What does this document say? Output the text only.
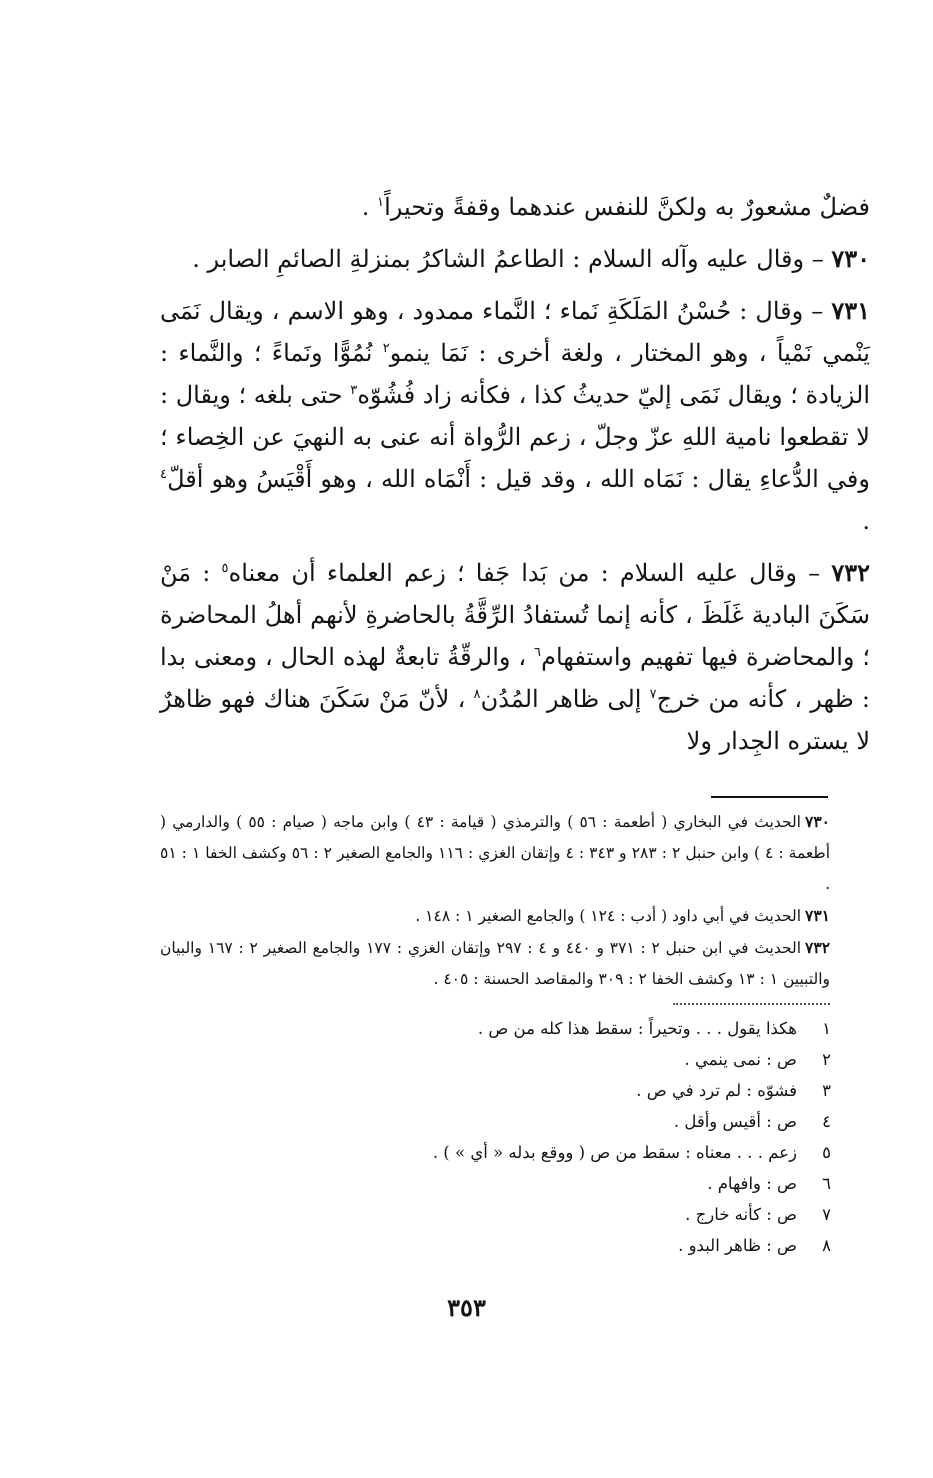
فضلٌ مشعورٌ به ولكنَّ للنفس عندهما وقفةً وتحيراً$^١$ .

٧٣٠ – وقال عليه وآله السلام : الطاعمُ الشاكرُ بمنزلةِ الصائمِ الصابر .

٧٣١ – وقال : حُسْنُ المَلَكَةِ نَماء ؛ النَّماء ممدود ، وهو الاسم ، ويقال نَمَى يَنْمي نَمْياً ، وهو المختار ، ولغة أخرى : نَمَا ينمو$^٢$ نُمُوًّا ونَماءً ؛ والنَّماء : الزيادة ؛ ويقال نَمَى إليّ حديثُ كذا ، فكأنه زاد فُشُوّه$^٣$ حتى بلغه ؛ ويقال : لا تقطعوا نامية اللهِ عزّ وجلّ ، زعم الرُّواة أنه عنى به النهيَ عن الخِصاء ؛ وفي الدُّعاءِ يقال : نَمَاه الله ، وقد قيل : أَنْمَاه الله ، وهو أَقْيَسُ وهو أقلّ$^٤$ .

٧٣٢ – وقال عليه السلام : من بَدا جَفا ؛ زعم العلماء أن معناه$^٥$ : مَنْ سَكَنَ البادية غَلَظَ ، كأنه إنما تُستفادُ الرِّقَّةُ بالحاضرةِ لأنهم أهلُ المحاضرة ؛ والمحاضرة فيها تفهيم واستفهام$^٦$ ، والرقّةُ تابعةٌ لهذه الحال ، ومعنى بدا : ظهر ، كأنه من خرج$^٧$ إلى ظاهر المُدُن$^٨$ ، لأنّ مَنْ سَكَنَ هناك فهو ظاهرٌ لا يستره الجِدار ولا

٧٣٠الحديث في البخاري ( أطعمة : ٥٦ ) والترمذي ( قيامة : ٤٣ ) وابن ماجه ( صيام : ٥٥ ) والدارمي ( أطعمة : ٤ ) وابن حنبل ٢ : ٢٨٣ و ٣٤٣ : ٤ وإتقان الغزي : ١١٦ والجامع الصغير ٢ : ٥٦ وكشف الخفا ١ : ٥١ .

٧٣١الحديث في أبي داود ( أدب : ١٢٤ ) والجامع الصغير ١ : ١٤٨ .

٧٣٢الحديث في ابن حنبل ٢ : ٣٧١ و ٤٤٠ و ٤ : ٢٩٧ وإتقان الغزي : ١٧٧ والجامع الصغير ٢ : ١٦٧ والبيان والتبيين ١ : ١٣ وكشف الخفا ٢ : ٣٠٩ والمقاصد الحسنة : ٤٠٥ .

١
هكذا يقول . . . وتحيراً : سقط هذا كله من ص .
٢
ص : نمى ينمي .
٣
فشوّه : لم ترد في ص .
٤
ص : أقيس وأقل .
٥
زعم . . . معناه : سقط من ص ( ووقع بدله « أي » ) .
٦
ص : وافهام .
٧
ص : كأنه خارج .
٨
ص : ظاهر البدو .
٣٥٣
